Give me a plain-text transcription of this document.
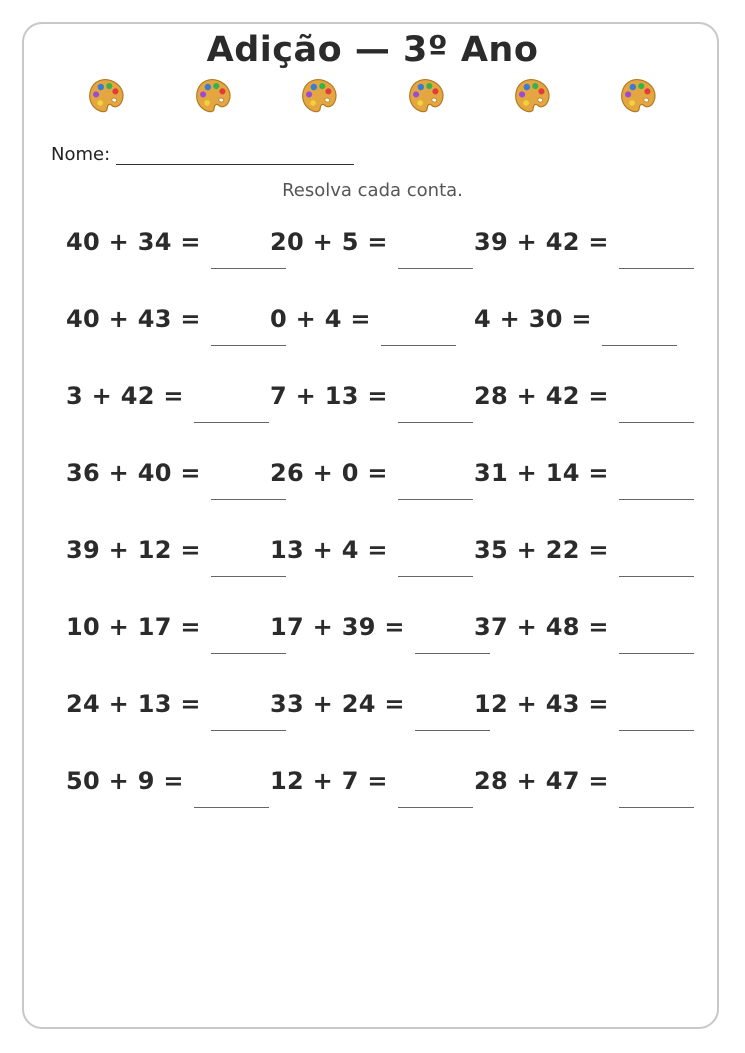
Adição — 3º Ano
Nome:
Resolva cada conta.
40 + 34 =	20 + 5 =	39 + 42 =
40 + 43 =	0 + 4 =	4 + 30 =
3 + 42 =	7 + 13 =	28 + 42 =
36 + 40 =	26 + 0 =	31 + 14 =
39 + 12 =	13 + 4 =	35 + 22 =
10 + 17 =	17 + 39 =	37 + 48 =
24 + 13 =	33 + 24 =	12 + 43 =
50 + 9 =	12 + 7 =	28 + 47 =
